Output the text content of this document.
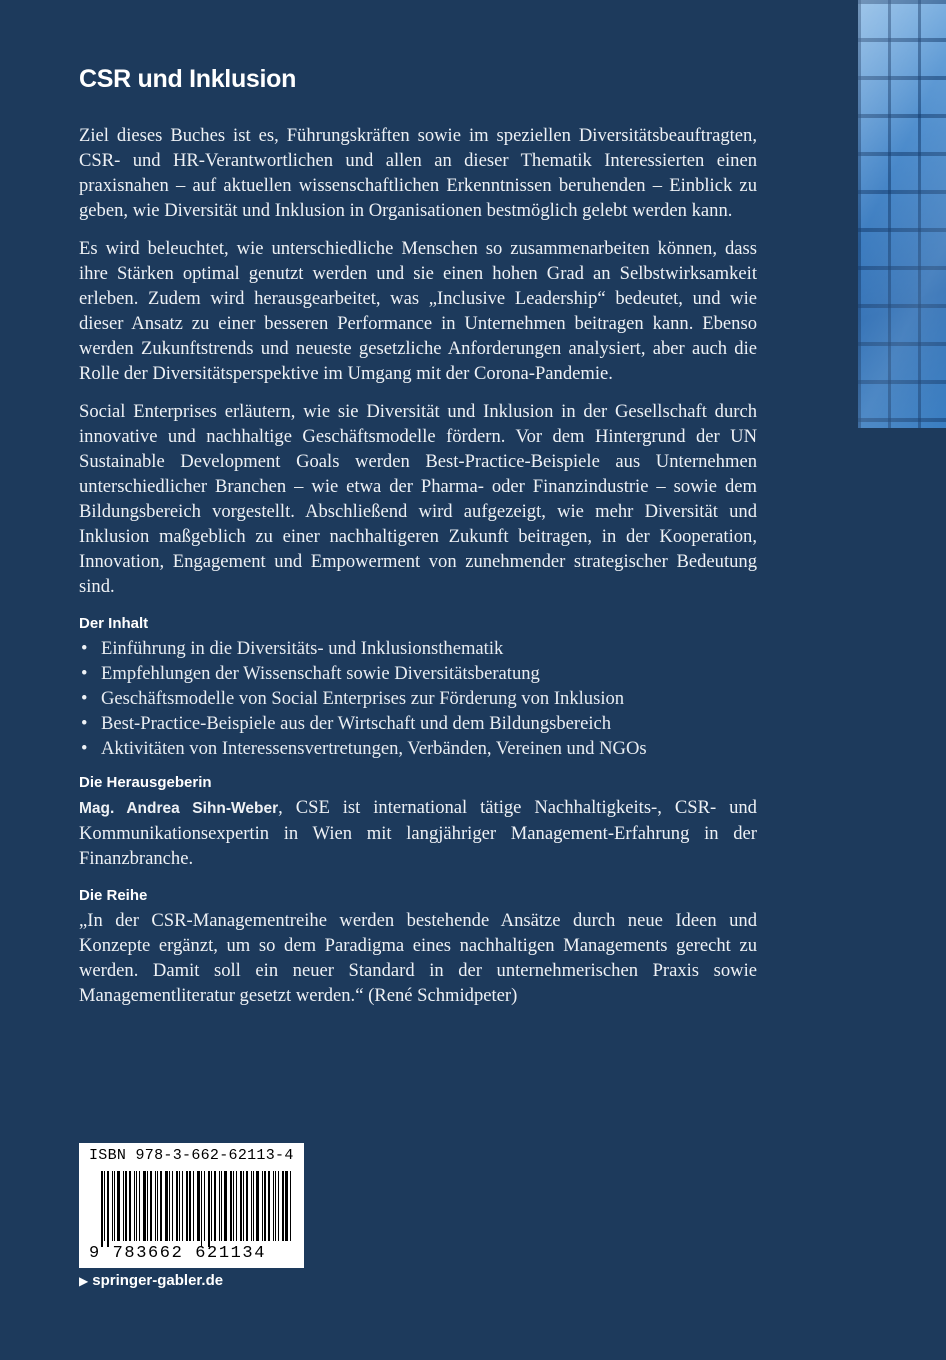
CSR und Inklusion

Ziel dieses Buches ist es, Führungskräften sowie im speziellen Diversitätsbeauftragten, CSR- und HR-Verantwortlichen und allen an dieser Thematik Interessierten einen praxisnahen – auf aktuellen wissenschaftlichen Erkenntnissen beruhenden – Einblick zu geben, wie Diversität und Inklusion in Organisationen bestmöglich gelebt werden kann.

Es wird beleuchtet, wie unterschiedliche Menschen so zusammenarbeiten können, dass ihre Stärken optimal genutzt werden und sie einen hohen Grad an Selbstwirksamkeit erleben. Zudem wird herausgearbeitet, was „Inclusive Leadership“ bedeutet, und wie dieser Ansatz zu einer besseren Performance in Unternehmen beitragen kann. Ebenso werden Zukunftstrends und neueste gesetzliche Anforderungen analysiert, aber auch die Rolle der Diversitätsperspektive im Umgang mit der Corona-Pandemie.

Social Enterprises erläutern, wie sie Diversität und Inklusion in der Gesellschaft durch innovative und nachhaltige Geschäftsmodelle fördern. Vor dem Hintergrund der UN Sustainable Development Goals werden Best-Practice-Beispiele aus Unternehmen unterschiedlicher Branchen – wie etwa der Pharma- oder Finanzindustrie – sowie dem Bildungsbereich vorgestellt. Abschließend wird aufgezeigt, wie mehr Diversität und Inklusion maßgeblich zu einer nachhaltigeren Zukunft beitragen, in der Kooperation, Innovation, Engagement und Empowerment von zunehmender strategischer Bedeutung sind.

Der Inhalt
• Einführung in die Diversitäts- und Inklusionsthematik
• Empfehlungen der Wissenschaft sowie Diversitätsberatung
• Geschäftsmodelle von Social Enterprises zur Förderung von Inklusion
• Best-Practice-Beispiele aus der Wirtschaft und dem Bildungsbereich
• Aktivitäten von Interessensvertretungen, Verbänden, Vereinen und NGOs
Die Herausgeberin

Mag. Andrea Sihn-Weber, CSE ist international tätige Nachhaltigkeits-, CSR- und Kommunikationsexpertin in Wien mit langjähriger Management-Erfahrung in der Finanzbranche.

Die Reihe

„In der CSR-Managementreihe werden bestehende Ansätze durch neue Ideen und Konzepte ergänzt, um so dem Paradigma eines nachhaltigen Managements gerecht zu werden. Damit soll ein neuer Standard in der unternehmerischen Praxis sowie Managementliteratur gesetzt werden.“ (René Schmidpeter)

ISBN 978-3-662-62113-4
9 783662 621134
▶ springer-gabler.de
